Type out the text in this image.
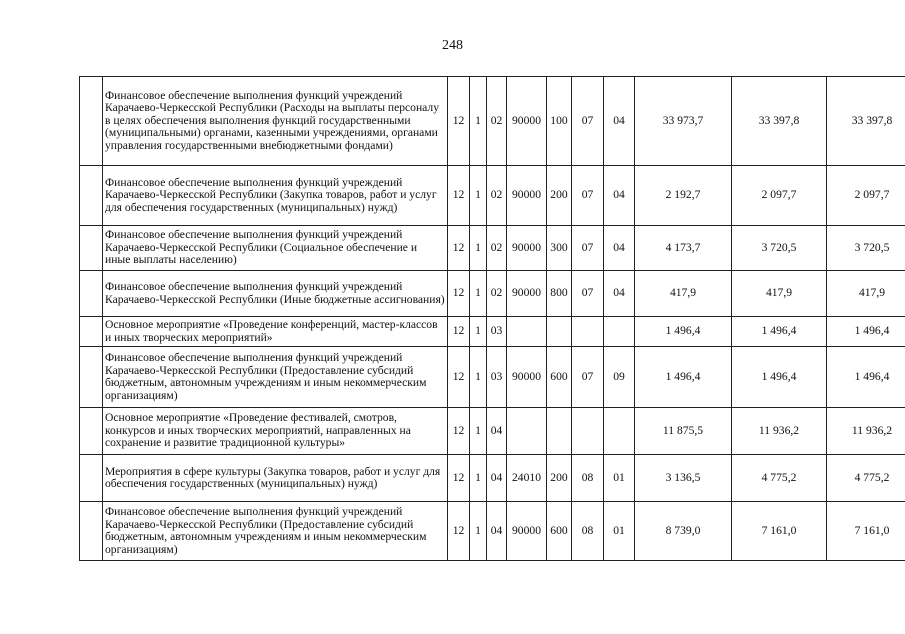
248
	Финансовое обеспечение выполнения функций учреждений Карачаево-Черкесской Республики (Расходы на выплаты персоналу в целях обеспечения выполнения функций государственными (муниципальными) органами, казенными учреждениями, органами управления государственными внебюджетными фондами)	12	1	02	90000	100	07	04	33 973,7	33 397,8	33 397,8
	Финансовое обеспечение выполнения функций учреждений Карачаево-Черкесской Республики (Закупка товаров, работ и услуг для обеспечения государственных (муниципальных) нужд)	12	1	02	90000	200	07	04	2 192,7	2 097,7	2 097,7
	Финансовое обеспечение выполнения функций учреждений Карачаево-Черкесской Республики (Социальное обеспечение и иные выплаты населению)	12	1	02	90000	300	07	04	4 173,7	3 720,5	3 720,5
	Финансовое обеспечение выполнения функций учреждений Карачаево-Черкесской Республики (Иные бюджетные ассигнования)	12	1	02	90000	800	07	04	417,9	417,9	417,9
	Основное мероприятие «Проведение конференций, мастер-классов и иных творческих мероприятий»	12	1	03					1 496,4	1 496,4	1 496,4
	Финансовое обеспечение выполнения функций учреждений Карачаево-Черкесской Республики (Предоставление субсидий бюджетным, автономным учреждениям и иным некоммерческим организациям)	12	1	03	90000	600	07	09	1 496,4	1 496,4	1 496,4
	Основное мероприятие «Проведение фестивалей, смотров, конкурсов и иных творческих мероприятий, направленных на сохранение и развитие традиционной культуры»	12	1	04					11 875,5	11 936,2	11 936,2
	Мероприятия в сфере культуры (Закупка товаров, работ и услуг для обеспечения государственных (муниципальных) нужд)	12	1	04	24010	200	08	01	3 136,5	4 775,2	4 775,2
	Финансовое обеспечение выполнения функций учреждений Карачаево-Черкесской Республики (Предоставление субсидий бюджетным, автономным учреждениям и иным некоммерческим организациям)	12	1	04	90000	600	08	01	8 739,0	7 161,0	7 161,0
